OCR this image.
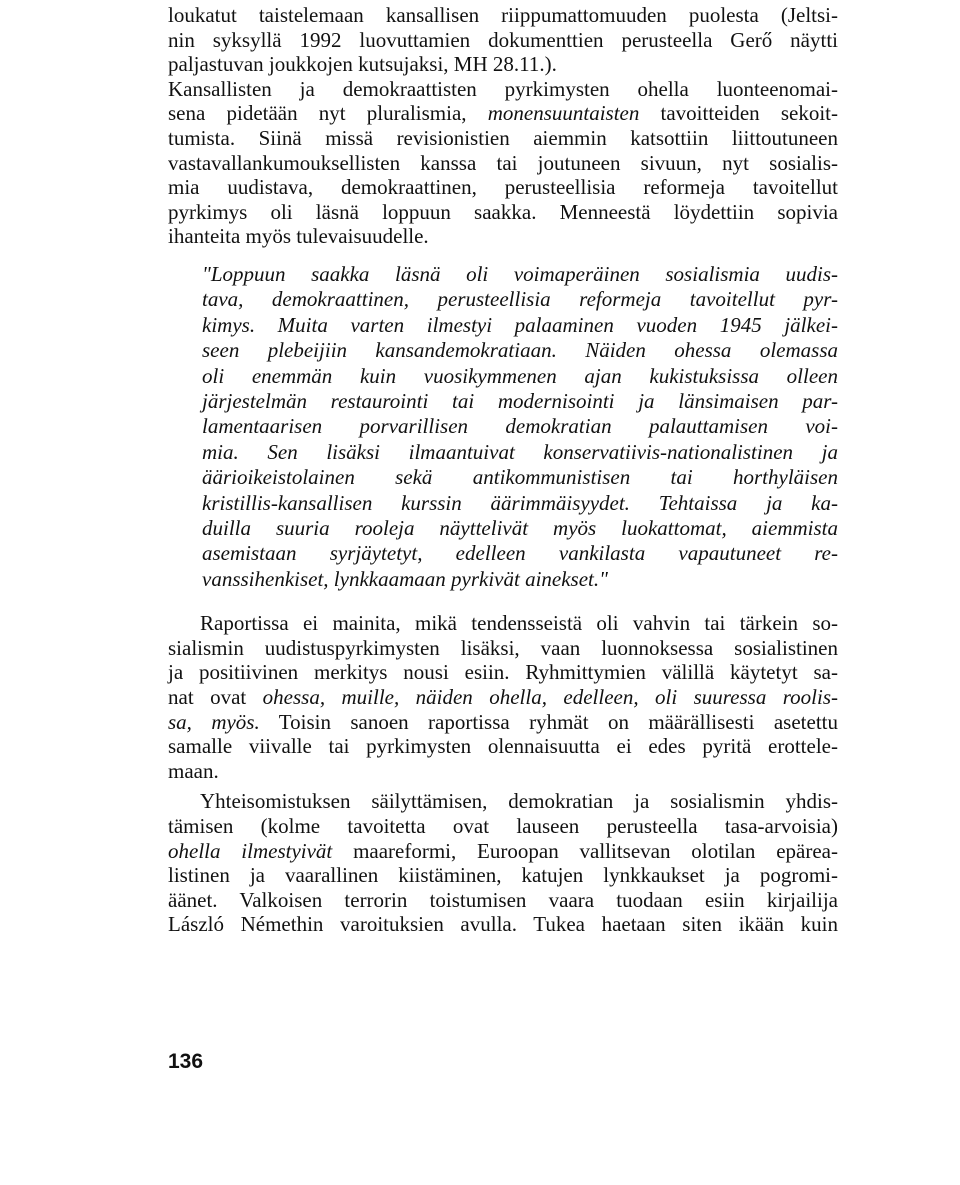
loukatut taistelemaan kansallisen riippumattomuuden puolesta (Jeltsi-
nin syksyllä 1992 luovuttamien dokumenttien perusteella Gerő näytti
paljastuvan joukkojen kutsujaksi, MH 28.11.).
Kansallisten ja demokraattisten pyrkimysten ohella luonteenomai-
sena pidetään nyt pluralismia, monensuuntaisten tavoitteiden sekoit-
tumista. Siinä missä revisionistien aiemmin katsottiin liittoutuneen
vastavallankumouksellisten kanssa tai joutuneen sivuun, nyt sosialis-
mia uudistava, demokraattinen, perusteellisia reformeja tavoitellut
pyrkimys oli läsnä loppuun saakka. Menneestä löydettiin sopivia
ihanteita myös tulevaisuudelle.
"Loppuun saakka läsnä oli voimaperäinen sosialismia uudis-
tava, demokraattinen, perusteellisia reformeja tavoitellut pyr-
kimys. Muita varten ilmestyi palaaminen vuoden 1945 jälkei-
seen plebeijiin kansandemokratiaan. Näiden ohessa olemassa
oli enemmän kuin vuosikymmenen ajan kukistuksissa olleen
järjestelmän restaurointi tai modernisointi ja länsimaisen par-
lamentaarisen porvarillisen demokratian palauttamisen voi-
mia. Sen lisäksi ilmaantuivat konservatiivis-nationalistinen ja
äärioikeistolainen sekä antikommunistisen tai horthyläisen
kristillis-kansallisen kurssin äärimmäisyydet. Tehtaissa ja ka-
duilla suuria rooleja näyttelivät myös luokattomat, aiemmista
asemistaan syrjäytetyt, edelleen vankilasta vapautuneet re-
vanssihenkiset, lynkkaamaan pyrkivät ainekset."
Raportissa ei mainita, mikä tendensseistä oli vahvin tai tärkein so-
sialismin uudistuspyrkimysten lisäksi, vaan luonnoksessa sosialistinen
ja positiivinen merkitys nousi esiin. Ryhmittymien välillä käytetyt sa-
nat ovat ohessa, muille, näiden ohella, edelleen, oli suuressa roolis-
sa, myös. Toisin sanoen raportissa ryhmät on määrällisesti asetettu
samalle viivalle tai pyrkimysten olennaisuutta ei edes pyritä erottele-
maan.
Yhteisomistuksen säilyttämisen, demokratian ja sosialismin yhdis-
tämisen (kolme tavoitetta ovat lauseen perusteella tasa-arvoisia)
ohella ilmestyivät maareformi, Euroopan vallitsevan olotilan epärea-
listinen ja vaarallinen kiistäminen, katujen lynkkaukset ja pogromi-
äänet. Valkoisen terrorin toistumisen vaara tuodaan esiin kirjailija
László Némethin varoituksien avulla. Tukea haetaan siten ikään kuin
136
